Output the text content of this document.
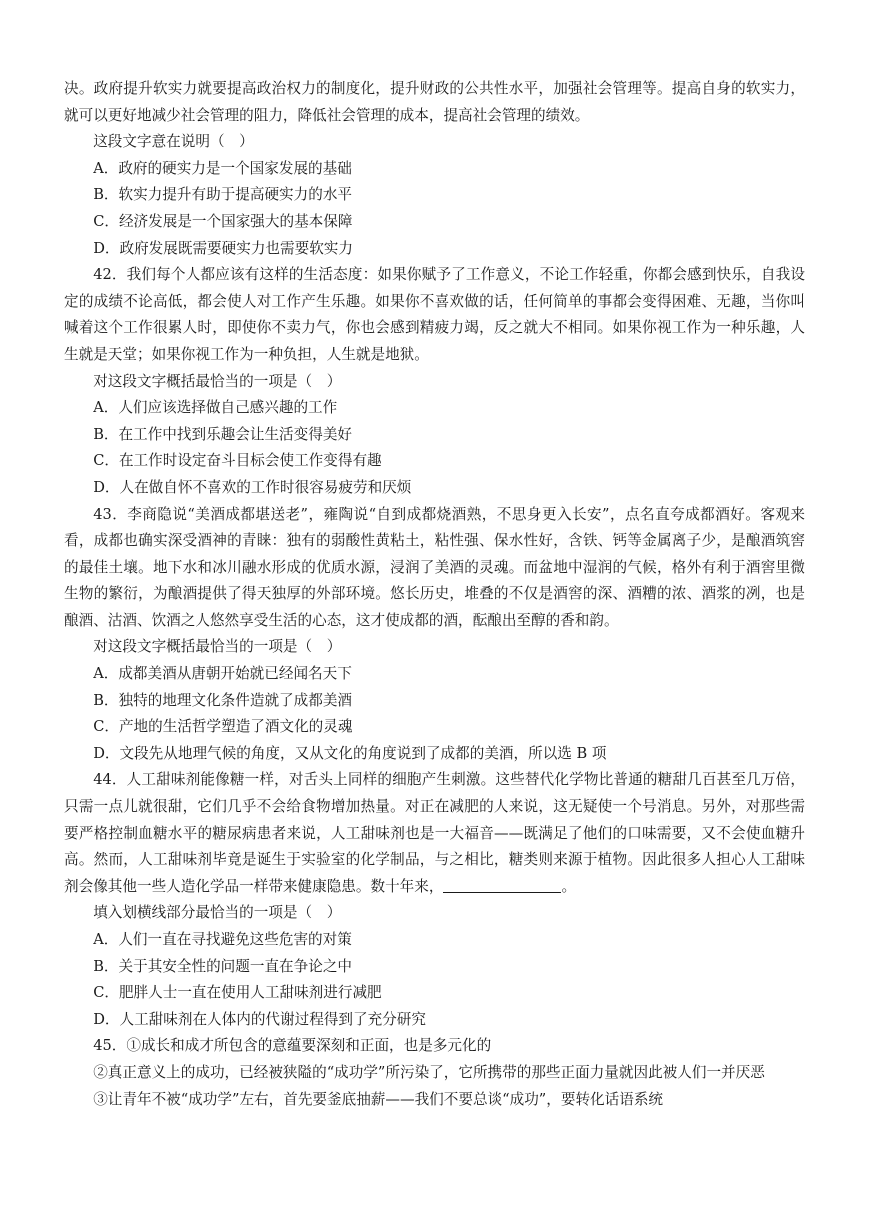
决。政府提升软实力就要提高政治权力的制度化，提升财政的公共性水平，加强社会管理等。提高自身的软实力，就可以更好地减少社会管理的阻力，降低社会管理的成本，提高社会管理的绩效。

这段文字意在说明（　）

A．政府的硬实力是一个国家发展的基础

B．软实力提升有助于提高硬实力的水平

C．经济发展是一个国家强大的基本保障

D．政府发展既需要硬实力也需要软实力

42．我们每个人都应该有这样的生活态度：如果你赋予了工作意义，不论工作轻重，你都会感到快乐，自我设定的成绩不论高低，都会使人对工作产生乐趣。如果你不喜欢做的话，任何简单的事都会变得困难、无趣，当你叫喊着这个工作很累人时，即使你不卖力气，你也会感到精疲力竭，反之就大不相同。如果你视工作为一种乐趣，人生就是天堂；如果你视工作为一种负担，人生就是地狱。

对这段文字概括最恰当的一项是（　）

A．人们应该选择做自己感兴趣的工作

B．在工作中找到乐趣会让生活变得美好

C．在工作时设定奋斗目标会使工作变得有趣

D．人在做自怀不喜欢的工作时很容易疲劳和厌烦

43．李商隐说“美酒成都堪送老”，雍陶说“自到成都烧酒熟，不思身更入长安”，点名直夸成都酒好。客观来看，成都也确实深受酒神的青睐：独有的弱酸性黄粘土，粘性强、保水性好，含铁、钙等金属离子少，是酿酒筑窖的最佳土壤。地下水和冰川融水形成的优质水源，浸润了美酒的灵魂。而盆地中湿润的气候，格外有利于酒窖里微生物的繁衍，为酿酒提供了得天独厚的外部环境。悠长历史，堆叠的不仅是酒窖的深、酒糟的浓、酒浆的冽，也是酿酒、沽酒、饮酒之人悠然享受生活的心态，这才使成都的酒，酝酿出至醇的香和韵。

对这段文字概括最恰当的一项是（　）

A．成都美酒从唐朝开始就已经闻名天下

B．独特的地理文化条件造就了成都美酒

C．产地的生活哲学塑造了酒文化的灵魂

D．文段先从地理气候的角度，又从文化的角度说到了成都的美酒，所以选 B 项

44．人工甜味剂能像糖一样，对舌头上同样的细胞产生刺激。这些替代化学物比普通的糖甜几百甚至几万倍，只需一点儿就很甜，它们几乎不会给食物增加热量。对正在减肥的人来说，这无疑使一个号消息。另外，对那些需要严格控制血糖水平的糖尿病患者来说，人工甜味剂也是一大福音——既满足了他们的口味需要，又不会使血糖升高。然而，人工甜味剂毕竟是诞生于实验室的化学制品，与之相比，糖类则来源于植物。因此很多人担心人工甜味剂会像其他一些人造化学品一样带来健康隐患。数十年来，	。

填入划横线部分最恰当的一项是（　）

A．人们一直在寻找避免这些危害的对策

B．关于其安全性的问题一直在争论之中

C．肥胖人士一直在使用人工甜味剂进行减肥

D．人工甜味剂在人体内的代谢过程得到了充分研究

45．①成长和成才所包含的意蕴要深刻和正面，也是多元化的

②真正意义上的成功，已经被狭隘的“成功学”所污染了，它所携带的那些正面力量就因此被人们一并厌恶

③让青年不被“成功学”左右，首先要釜底抽薪——我们不要总谈“成功”，要转化话语系统
